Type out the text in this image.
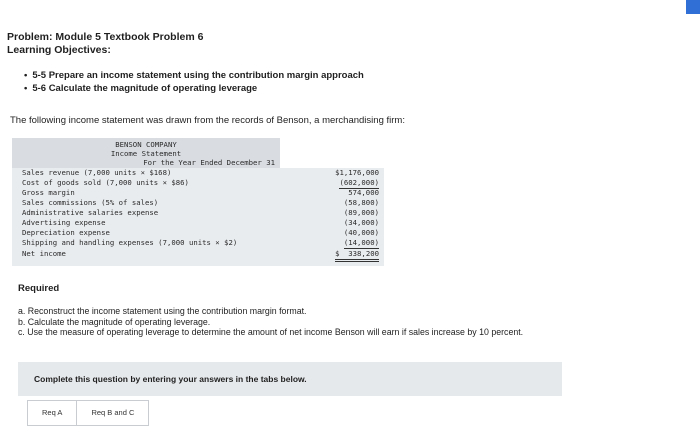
Problem: Module 5 Textbook Problem 6
Learning Objectives:
• 5-5 Prepare an income statement using the contribution margin approach
• 5-6 Calculate the magnitude of operating leverage
The following income statement was drawn from the records of Benson, a merchandising firm:
BENSON COMPANY
Income Statement
For the Year Ended December 31
Sales revenue (7,000 units × $168)	$1,176,000
Cost of goods sold (7,000 units × $86)	(602,000)
Gross margin	574,000
Sales commissions (5% of sales)	(58,800)
Administrative salaries expense	(89,000)
Advertising expense	(34,000)
Depreciation expense	(40,000)
Shipping and handling expenses (7,000 units × $2)	(14,000)
Net income	$  338,200
Required
a. Reconstruct the income statement using the contribution margin format.
b. Calculate the magnitude of operating leverage.
c. Use the measure of operating leverage to determine the amount of net income Benson will earn if sales increase by 10 percent.
Complete this question by entering your answers in the tabs below.
Req A	Req B and C
